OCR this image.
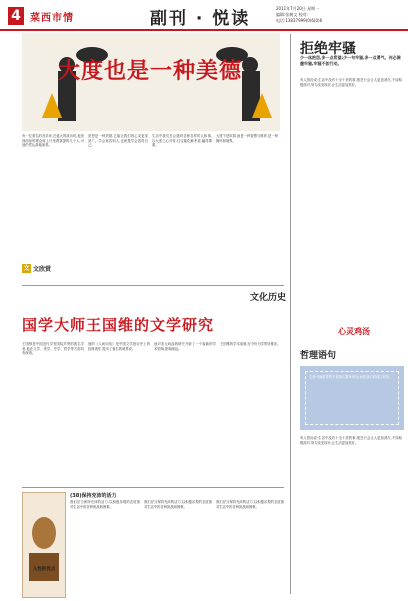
4 菜西市情	副刊 · 悦读
2011年7月20日 星期一
编辑:张树文 校对:
电话:13837999(0)6(0)6
大度也是一种美德
有一位著名的音乐家,在盛大的演出时,他发现面前的观众席上只坐着寥寥的几个人,可他仍然认真地演奏。
宽恕是一种美德,它能让我们的心灵更加宽广。学会宽容别人,也就是学会善待自己。
生活中我们总会遇到各种各样的人和事,以大度之心对待,往往能化解矛盾,赢得尊重。
大度不是软弱,而是一种智慧与修养,是一种胸怀和境界。
文 文欣赏
拒绝牢骚
少一丝抱怨,多一点希望;少一句牢骚,多一点勇气。何必满腹牢骚,牢骚不如行动。
有人曾经说:生活中没有十全十美的事,抱怨只会让人更加消沉,不如积极面对,努力改变现状,让生活更加美好。
心灵鸡汤
哲理语句
生命中最重要的不是我们置身何处,而是我们将前往何处。
有人曾经说:生活中没有十全十美的事,抱怨只会让人更加消沉,不如积极面对,努力改变现状,让生活更加美好。
文化历史
国学大师王国维的文学研究
王国维是中国近代享有国际声誉的著名学者,他在文学、美学、史学、哲学等方面均有深诣。
他的《人间词话》是中国文学批评史上的经典著作,提出了著名的境界说。
他对宋元戏曲的研究开辟了一个崭新的学术领域,影响深远。
王国维的学术成就,至今仍为学界所推崇。
人性的优点
DALE CARNEGIE
(38)保持充沛的活力
我们应当保持充沛的活力,以积极乐观的态度面对生活中的各种挑战和困难。
我们应当保持充沛的活力,以积极乐观的态度面对生活中的各种挑战和困难。
我们应当保持充沛的活力,以积极乐观的态度面对生活中的各种挑战和困难。
